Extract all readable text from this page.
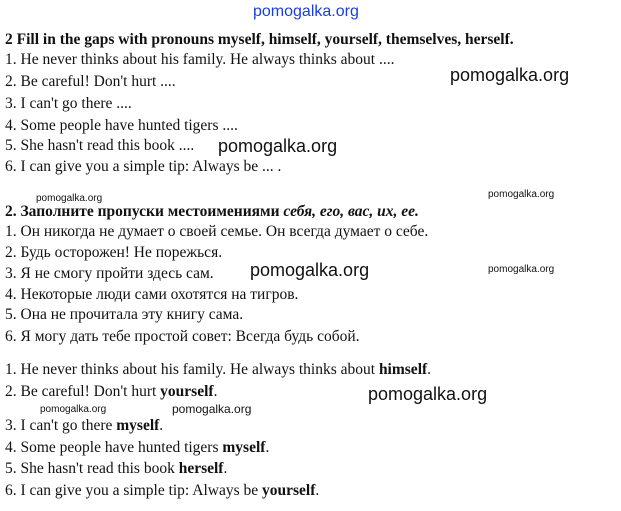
pomogalka.org
2 Fill in the gaps with pronouns myself, himself, yourself, themselves, herself.
1. He never thinks about his family. He always thinks about ....
2. Be careful! Don't hurt ....
3. I can't go there ....
4. Some people have hunted tigers ....
5. She hasn't read this book ....
6. I can give you a simple tip: Always be ... .
2. Заполните пропуски местоимениями себя, его, вас, их, ее.
1. Он никогда не думает о своей семье. Он всегда думает о себе.
2. Будь осторожен! Не порежься.
3. Я не смогу пройти здесь сам.
4. Некоторые люди сами охотятся на тигров.
5. Она не прочитала эту книгу сама.
6. Я могу дать тебе простой совет: Всегда будь собой.
1. He never thinks about his family. He always thinks about himself.
2. Be careful! Don't hurt yourself.
3. I can't go there myself.
4. Some people have hunted tigers myself.
5. She hasn't read this book herself.
6. I can give you a simple tip: Always be yourself.
pomogalka.org
pomogalka.org
pomogalka.org	pomogalka.org
pomogalka.org	pomogalka.org
pomogalka.org
pomogalka.org	pomogalka.org
